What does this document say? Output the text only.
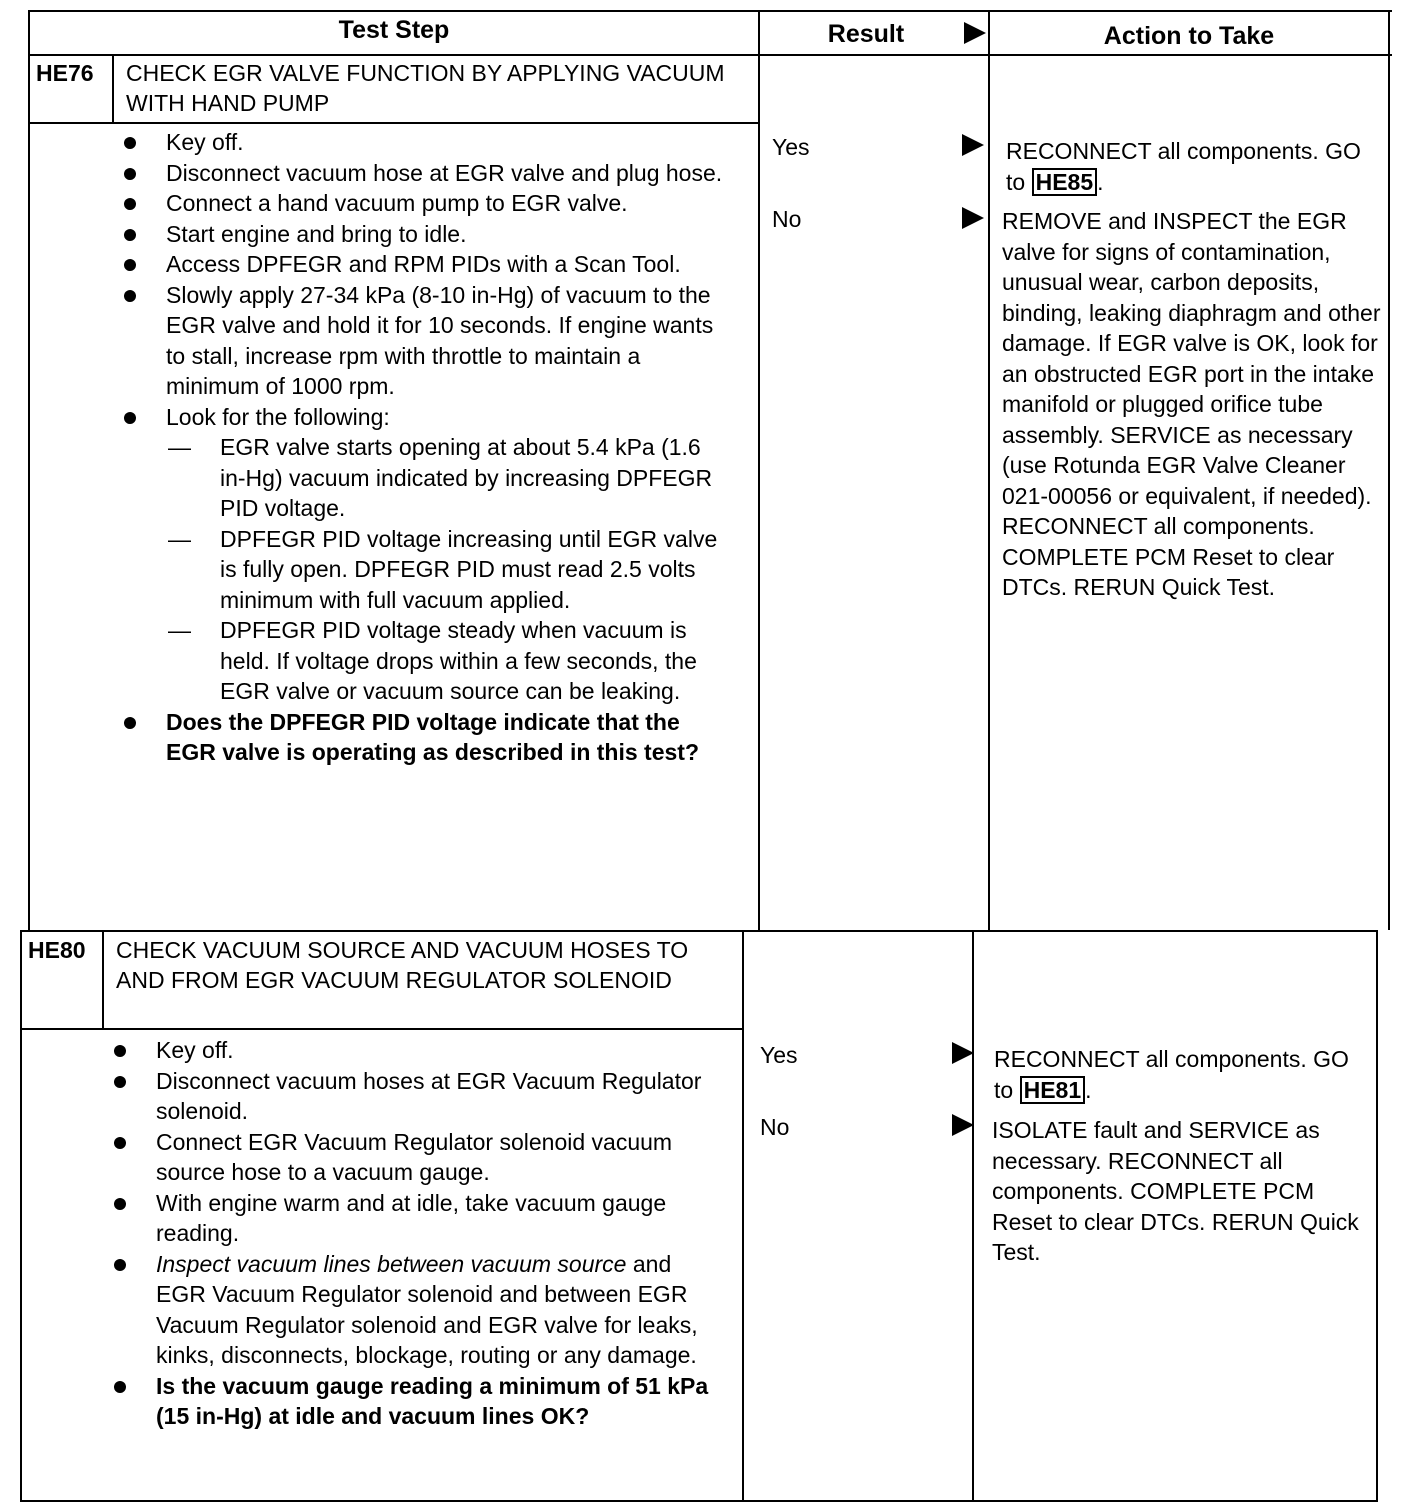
Test Step	Result	Action to Take
HE76 CHECK EGR VALVE FUNCTION BY APPLYING VACUUM WITH HAND PUMP
Key off.
Disconnect vacuum hose at EGR valve and plug hose.
Connect a hand vacuum pump to EGR valve.
Start engine and bring to idle.
Access DPFEGR and RPM PIDs with a Scan Tool.
Slowly apply 27-34 kPa (8-10 in-Hg) of vacuum to the EGR valve and hold it for 10 seconds. If engine wants to stall, increase rpm with throttle to maintain a minimum of 1000 rpm.
Look for the following:
— EGR valve starts opening at about 5.4 kPa (1.6 in-Hg) vacuum indicated by increasing DPFEGR PID voltage.
— DPFEGR PID voltage increasing until EGR valve is fully open. DPFEGR PID must read 2.5 volts minimum with full vacuum applied.
— DPFEGR PID voltage steady when vacuum is held. If voltage drops within a few seconds, the EGR valve or vacuum source can be leaking.
Does the DPFEGR PID voltage indicate that the EGR valve is operating as described in this test?
Yes
No
RECONNECT all components. GO to HE85 .
REMOVE and INSPECT the EGR valve for signs of contamination, unusual wear, carbon deposits, binding, leaking diaphragm and other damage. If EGR valve is OK, look for an obstructed EGR port in the intake manifold or plugged orifice tube assembly. SERVICE as necessary (use Rotunda EGR Valve Cleaner 021-00056 or equivalent, if needed). RECONNECT all components. COMPLETE PCM Reset to clear DTCs. RERUN Quick Test.
HE80 CHECK VACUUM SOURCE AND VACUUM HOSES TO AND FROM EGR VACUUM REGULATOR SOLENOID
Key off.
Disconnect vacuum hoses at EGR Vacuum Regulator solenoid.
Connect EGR Vacuum Regulator solenoid vacuum source hose to a vacuum gauge.
With engine warm and at idle, take vacuum gauge reading.
Inspect vacuum lines between vacuum source and EGR Vacuum Regulator solenoid and between EGR Vacuum Regulator solenoid and EGR valve for leaks, kinks, disconnects, blockage, routing or any damage.
Is the vacuum gauge reading a minimum of 51 kPa (15 in-Hg) at idle and vacuum lines OK?
Yes
No
RECONNECT all components. GO to HE81 .
ISOLATE fault and SERVICE as necessary. RECONNECT all components. COMPLETE PCM Reset to clear DTCs. RERUN Quick Test.
